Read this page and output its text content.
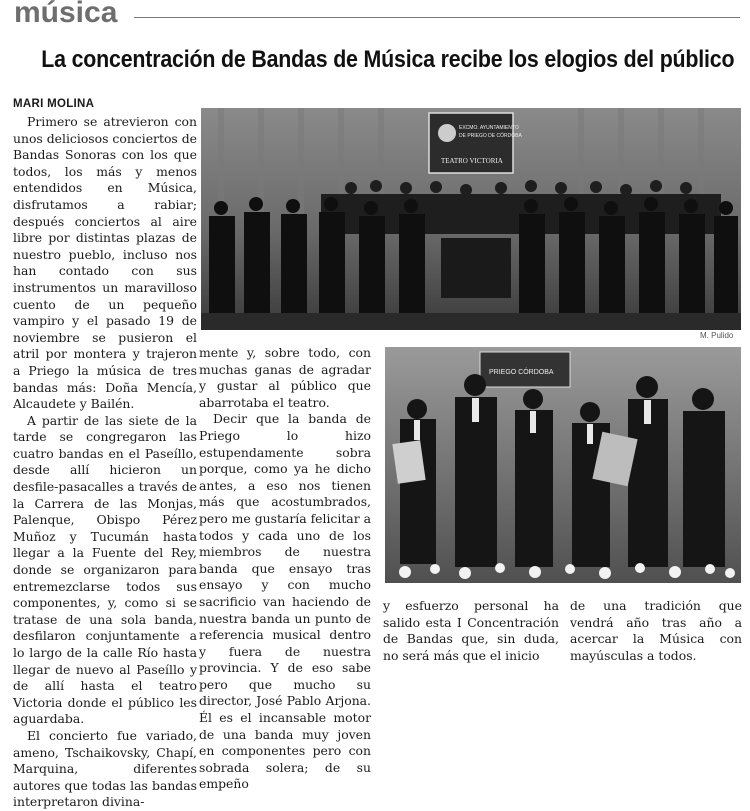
música
La concentración de Bandas de Música recibe los elogios del público
MARI MOLINA

Primero se atrevieron con unos deliciosos conciertos de Bandas Sonoras con los que todos, los más y menos entendidos en Música, disfrutamos a rabiar; después conciertos al aire libre por distintas plazas de nuestro pueblo, incluso nos han contado con sus instrumentos un maravilloso cuento de un pequeño vampiro y el pasado 19 de noviembre se pusieron el atril por montera y trajeron a Priego la música de tres bandas más: Doña Mencía, Alcaudete y Bailén.

A partir de las siete de la tarde se congregaron las cuatro bandas en el Paseíllo, desde allí hicieron un desfile-pasacalles a través de la Carrera de las Monjas, Palenque, Obispo Pérez Muñoz y Tucumán hasta llegar a la Fuente del Rey, donde se organizaron para entremezclarse todos sus componentes, y, como si se tratase de una sola banda, desfilaron conjuntamente a lo largo de la calle Río hasta llegar de nuevo al Paseíllo y de allí hasta el teatro Victoria donde el público les aguardaba.

El concierto fue variado, ameno, Tschaikovsky, Chapí, Marquina, diferentes autores que todas las bandas interpretaron divina-

mente y, sobre todo, con muchas ganas de agradar y gustar al público que abarrotaba el teatro.

Decir que la banda de Priego lo hizo estupendamente sobra porque, como ya he dicho antes, a eso nos tienen más que acostumbrados, pero me gustaría felicitar a todos y cada uno de los miembros de nuestra banda que ensayo tras ensayo y con mucho sacrificio van haciendo de nuestra banda un punto de referencia musical dentro y fuera de nuestra provincia. Y de eso sabe pero que mucho su director, José Pablo Arjona. Él es el incansable motor de una banda muy joven en componentes pero con sobrada solera; de su empeño

y esfuerzo personal ha salido esta I Concentración de Bandas que, sin duda, no será más que el inicio

de una tradición que vendrá año tras año a acercar la Música con mayúsculas a todos.

EXCMO. AYUNTAMIENTO
DE PRIEGO DE CÓRDOBA
TEATRO VICTORIA
M. Pulido
PRIEGO CÓRDOBA
